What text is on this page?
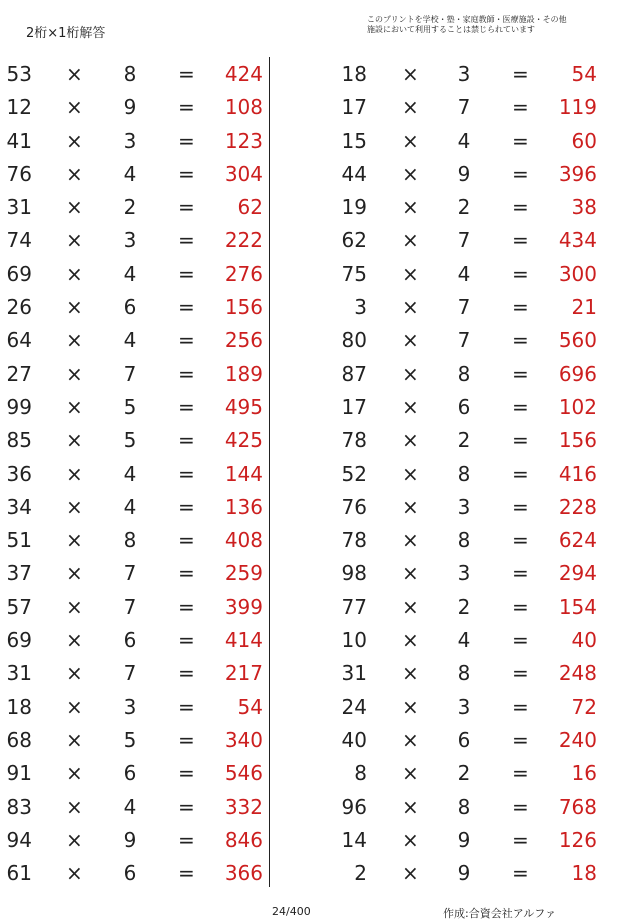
2桁×1桁解答
このプリントを学校・塾・家庭教師・医療施設・その他
施設において利用することは禁じられています
53 × 8 = 424
12 × 9 = 108
41 × 3 = 123
76 × 4 = 304
31 × 2 = 62
74 × 3 = 222
69 × 4 = 276
26 × 6 = 156
64 × 4 = 256
27 × 7 = 189
99 × 5 = 495
85 × 5 = 425
36 × 4 = 144
34 × 4 = 136
51 × 8 = 408
37 × 7 = 259
57 × 7 = 399
69 × 6 = 414
31 × 7 = 217
18 × 3 = 54
68 × 5 = 340
91 × 6 = 546
83 × 4 = 332
94 × 9 = 846
61 × 6 = 366
18 × 3 = 54
17 × 7 = 119
15 × 4 = 60
44 × 9 = 396
19 × 2 = 38
62 × 7 = 434
75 × 4 = 300
3 × 7 = 21
80 × 7 = 560
87 × 8 = 696
17 × 6 = 102
78 × 2 = 156
52 × 8 = 416
76 × 3 = 228
78 × 8 = 624
98 × 3 = 294
77 × 2 = 154
10 × 4 = 40
31 × 8 = 248
24 × 3 = 72
40 × 6 = 240
8 × 2 = 16
96 × 8 = 768
14 × 9 = 126
2 × 9 = 18
24/400	作成:合資会社アルファ
